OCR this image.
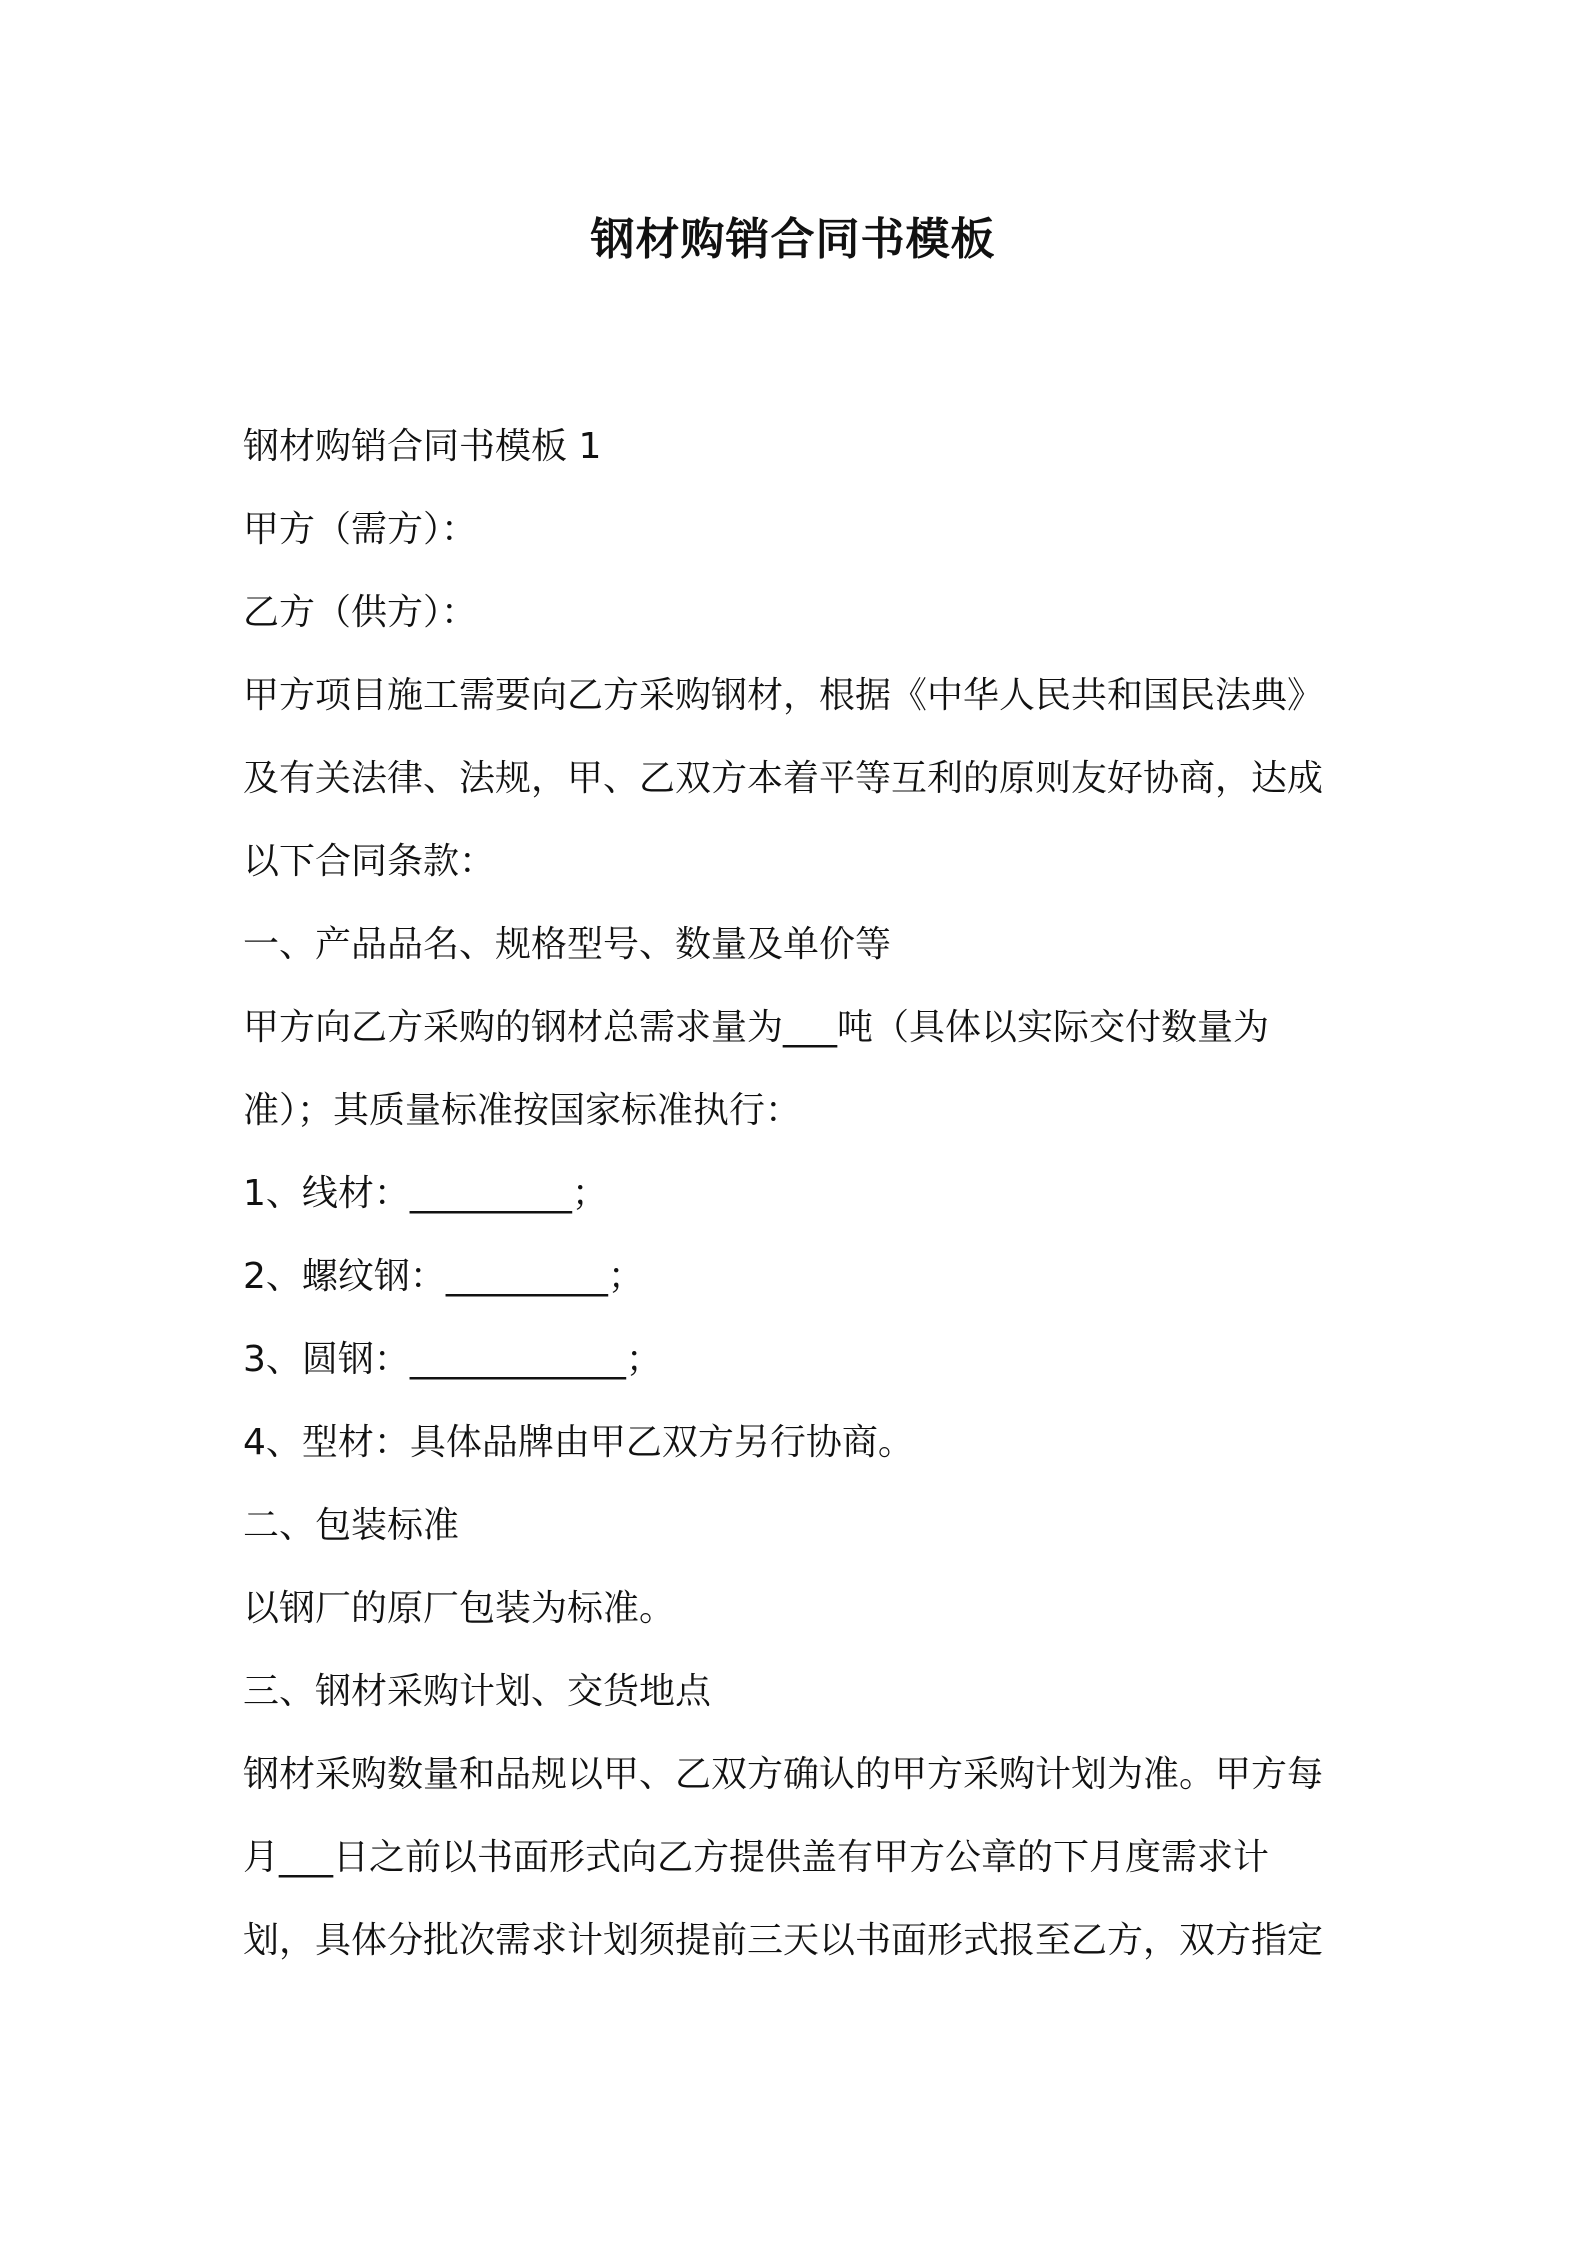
钢材购销合同书模板
钢材购销合同书模板 1
甲方（需方）：
乙方（供方）：
甲方项目施工需要向乙方采购钢材，根据《中华人民共和国民法典》
及有关法律、法规，甲、乙双方本着平等互利的原则友好协商，达成
以下合同条款：
一、产品品名、规格型号、数量及单价等
甲方向乙方采购的钢材总需求量为___吨（具体以实际交付数量为
准）；其质量标准按国家标准执行：
1、线材：_________；
2、螺纹钢：_________；
3、圆钢：____________；
4、型材：具体品牌由甲乙双方另行协商。
二、包装标准
以钢厂的原厂包装为标准。
三、钢材采购计划、交货地点
钢材采购数量和品规以甲、乙双方确认的甲方采购计划为准。甲方每
月___日之前以书面形式向乙方提供盖有甲方公章的下月度需求计
划，具体分批次需求计划须提前三天以书面形式报至乙方，双方指定
